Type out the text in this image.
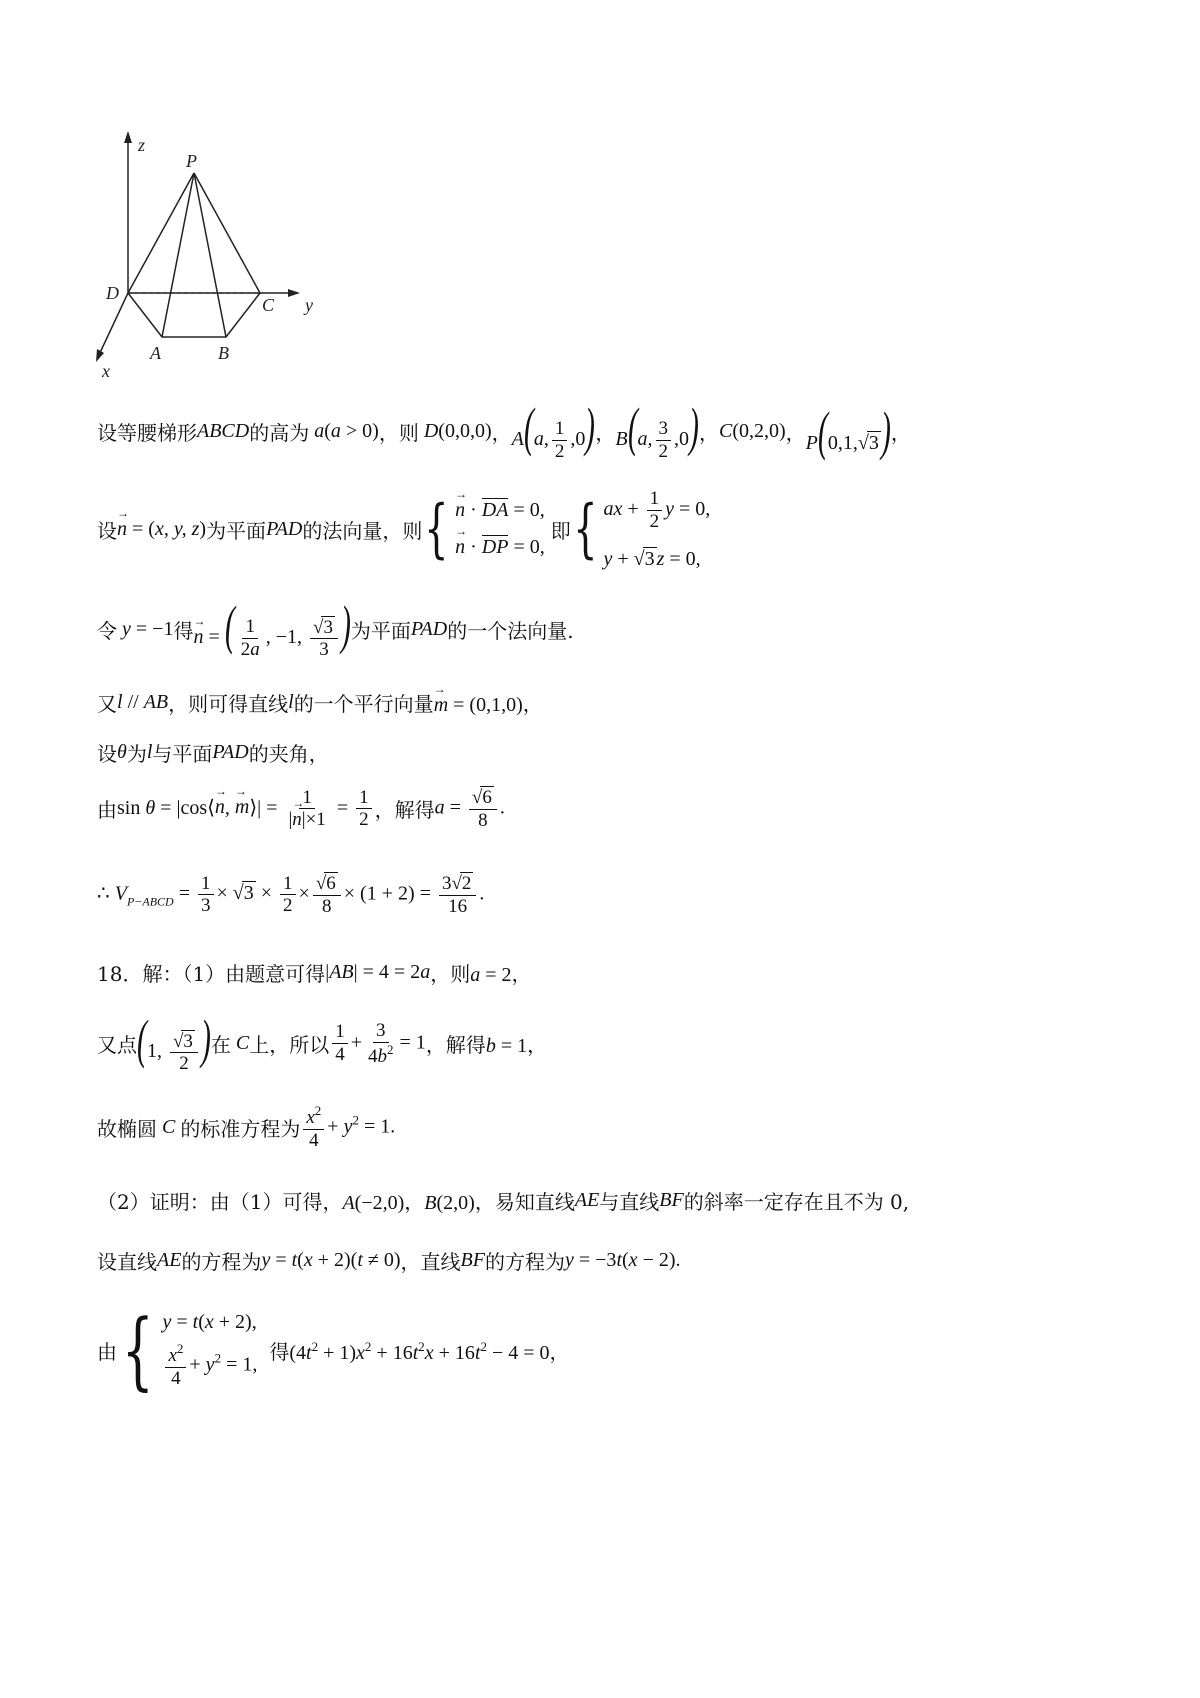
z
P
D
C y
A	B
x
设等腰梯形 ABCD 的高为 a(a > 0) ， 则 D(0,0,0) ， A(a, $\frac{1}{2} ,0$) ， B(a, $\frac{3}{2} ,0$) ， C(0,2,0) ， P(0,1,√3) ，
设 → n = (x, y, z) 为平面 PAD 的法向量，则 { → n · DA = 0,
→ n · DP = 0,
即 { ax + $\frac{1}{2}$ y = 0,
y + √3 z = 0,
令 y = −1 得 → n = ( $\frac{1}{2a}$ , −1, $\frac{√3}{3}$ ) 为平面 PAD 的一个法向量.
又 l // AB ，则可得直线 l 的一个平行向量 → m = (0,1,0)，
设 θ 为 l 与平面 PAD 的夹角，
由 sin θ = |cos⟨→ n, → m⟩| = $\frac{1}{|\to n|\times 1} = \frac{1}{2}$ ，解得 $a = \frac{√6}{8}$ .
∴ $V_{P-ABCD} = \frac{1}{3} \times √3 \times \frac{1}{2} \times \frac{√6}{8} \times (1 + 2) = \frac{3√2}{16}$ .
18．解：（1）由题意可得 |AB| = 4 = 2a ，则 a = 2，
又点 (1, $\frac{√3}{2}$ ) 在 C 上，所以 $\frac{1}{4} + \frac{3}{4b^2} = 1$ ，解得 b = 1，
故椭圆 C 的标准方程为 $\frac{x^2}{4} + y^2 = 1$.
（2）证明：由（1）可得， A(−2,0)，B(2,0)， 易知直线 AE 与直线 BF 的斜率一定存在且不为 0,
设直线 AE 的方程为 y = t(x + 2)(t ≠ 0) ，直线 BF 的方程为 y = −3t(x − 2).
由 { y = t(x + 2),
$\frac{x^2}{4} + y^2 = 1$,
得 $(4t^2 + 1)x^2 + 16t^2x + 16t^2 - 4 = 0$，
